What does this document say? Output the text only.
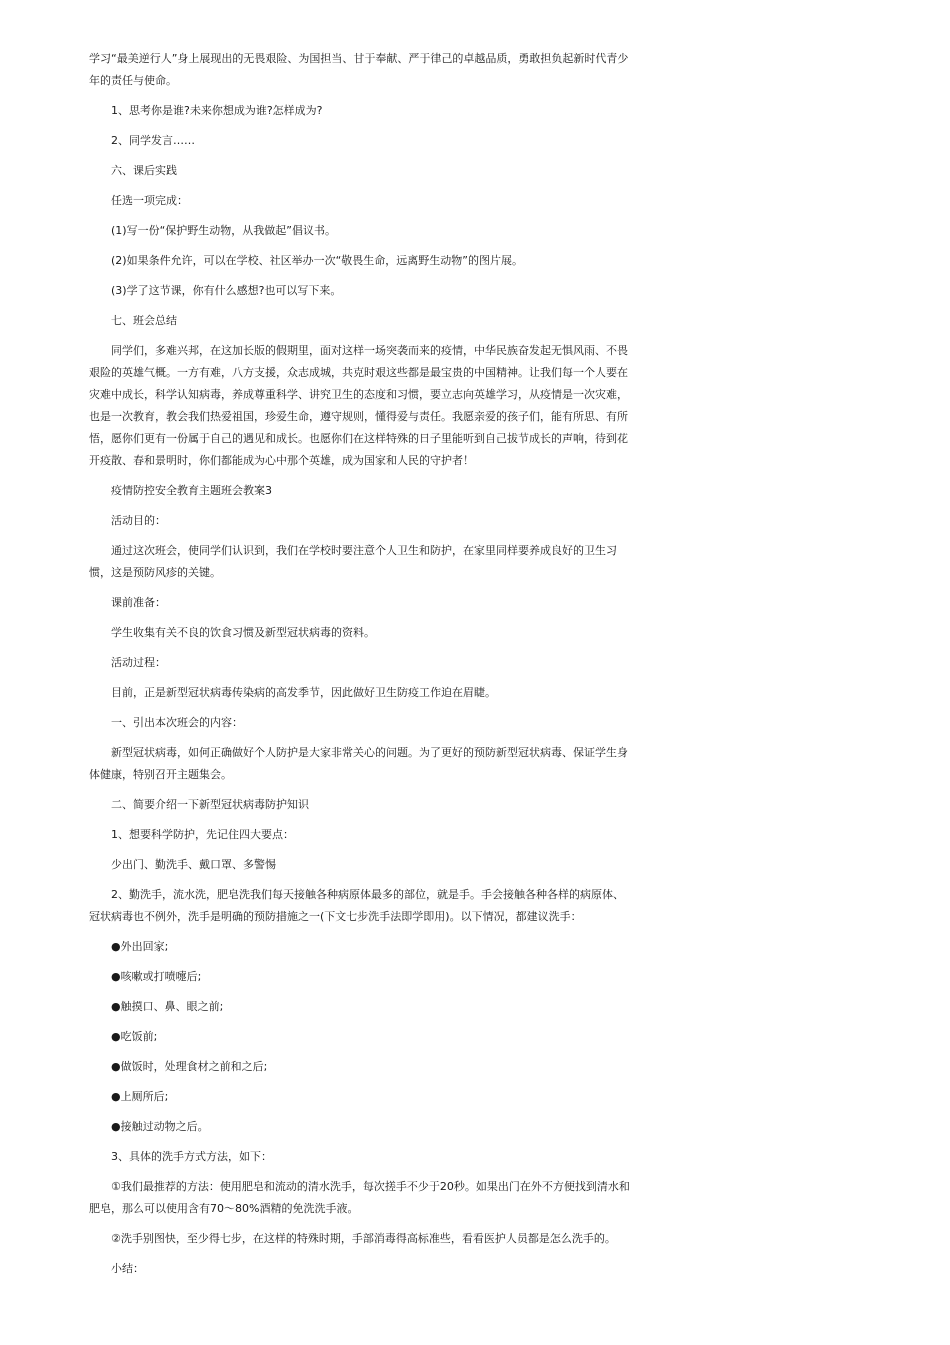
学习“最美逆行人”身上展现出的无畏艰险、为国担当、甘于奉献、严于律己的卓越品质，勇敢担负起新时代青少年的责任与使命。

1、思考你是谁?未来你想成为谁?怎样成为?

2、同学发言……

六、课后实践

任选一项完成：

(1)写一份“保护野生动物，从我做起”倡议书。

(2)如果条件允许，可以在学校、社区举办一次“敬畏生命，远离野生动物”的图片展。

(3)学了这节课，你有什么感想?也可以写下来。

七、班会总结

同学们，多难兴邦，在这加长版的假期里，面对这样一场突袭而来的疫情，中华民族奋发起无惧风雨、不畏艰险的英雄气概。一方有难，八方支援，众志成城，共克时艰这些都是最宝贵的中国精神。让我们每一个人要在灾难中成长，科学认知病毒，养成尊重科学、讲究卫生的态度和习惯，要立志向英雄学习，从疫情是一次灾难，也是一次教育，教会我们热爱祖国，珍爱生命，遵守规则，懂得爱与责任。我愿亲爱的孩子们，能有所思、有所悟，愿你们更有一份属于自己的遇见和成长。也愿你们在这样特殊的日子里能听到自己拔节成长的声响，待到花开疫散、春和景明时，你们都能成为心中那个英雄，成为国家和人民的守护者！

疫情防控安全教育主题班会教案3

活动目的：

通过这次班会，使同学们认识到，我们在学校时要注意个人卫生和防护，在家里同样要养成良好的卫生习惯，这是预防风疹的关键。

课前准备：

学生收集有关不良的饮食习惯及新型冠状病毒的资料。

活动过程：

目前，正是新型冠状病毒传染病的高发季节，因此做好卫生防疫工作迫在眉睫。

一、引出本次班会的内容：

新型冠状病毒，如何正确做好个人防护是大家非常关心的问题。为了更好的预防新型冠状病毒、保证学生身体健康，特别召开主题集会。

二、简要介绍一下新型冠状病毒防护知识

1、想要科学防护，先记住四大要点：

少出门、勤洗手、戴口罩、多警惕

2、勤洗手，流水洗，肥皂洗我们每天接触各种病原体最多的部位，就是手。手会接触各种各样的病原体、冠状病毒也不例外，洗手是明确的预防措施之一(下文七步洗手法即学即用)。以下情况，都建议洗手：

●外出回家;

●咳嗽或打喷嚏后;

●触摸口、鼻、眼之前;

●吃饭前;

●做饭时，处理食材之前和之后;

●上厕所后;

●接触过动物之后。

3、具体的洗手方式方法，如下：

①我们最推荐的方法：使用肥皂和流动的清水洗手，每次搓手不少于20秒。如果出门在外不方便找到清水和肥皂，那么可以使用含有70～80%酒精的免洗洗手液。

②洗手别图快，至少得七步，在这样的特殊时期，手部消毒得高标准些，看看医护人员都是怎么洗手的。

小结：
